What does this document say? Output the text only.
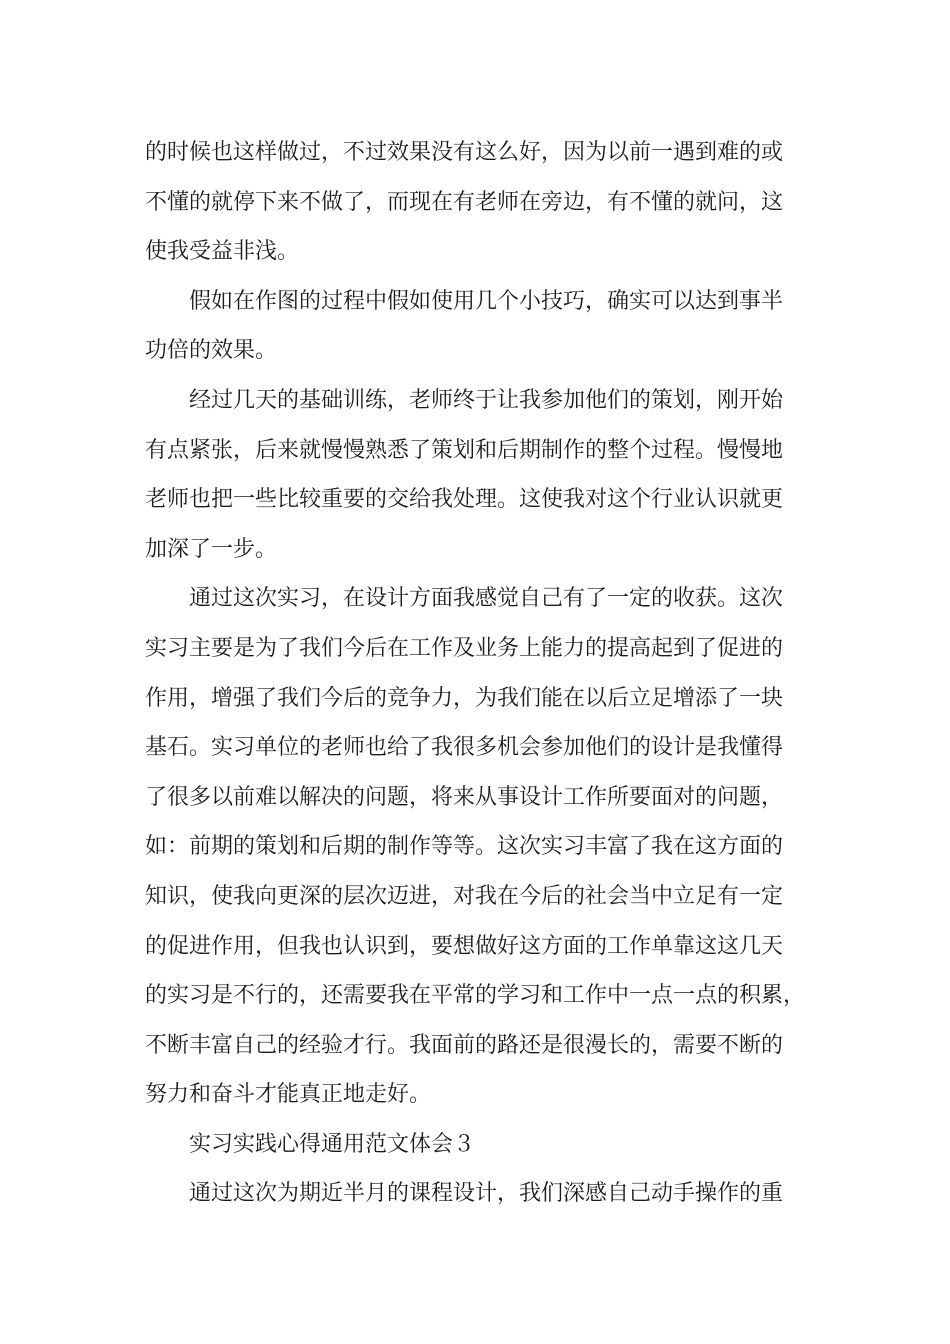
的时候也这样做过，不过效果没有这么好，因为以前一遇到难的或
不懂的就停下来不做了，而现在有老师在旁边，有不懂的就问，这
使我受益非浅。
假如在作图的过程中假如使用几个小技巧，确实可以达到事半
功倍的效果。
经过几天的基础训练，老师终于让我参加他们的策划，刚开始
有点紧张，后来就慢慢熟悉了策划和后期制作的整个过程。慢慢地
老师也把一些比较重要的交给我处理。这使我对这个行业认识就更
加深了一步。
通过这次实习，在设计方面我感觉自己有了一定的收获。这次
实习主要是为了我们今后在工作及业务上能力的提高起到了促进的
作用，增强了我们今后的竞争力，为我们能在以后立足增添了一块
基石。实习单位的老师也给了我很多机会参加他们的设计是我懂得
了很多以前难以解决的问题，将来从事设计工作所要面对的问题，
如：前期的策划和后期的制作等等。这次实习丰富了我在这方面的
知识，使我向更深的层次迈进，对我在今后的社会当中立足有一定
的促进作用，但我也认识到，要想做好这方面的工作单靠这这几天
的实习是不行的，还需要我在平常的学习和工作中一点一点的积累，
不断丰富自己的经验才行。我面前的路还是很漫长的，需要不断的
努力和奋斗才能真正地走好。
实习实践心得通用范文体会３
通过这次为期近半月的课程设计，我们深感自己动手操作的重
